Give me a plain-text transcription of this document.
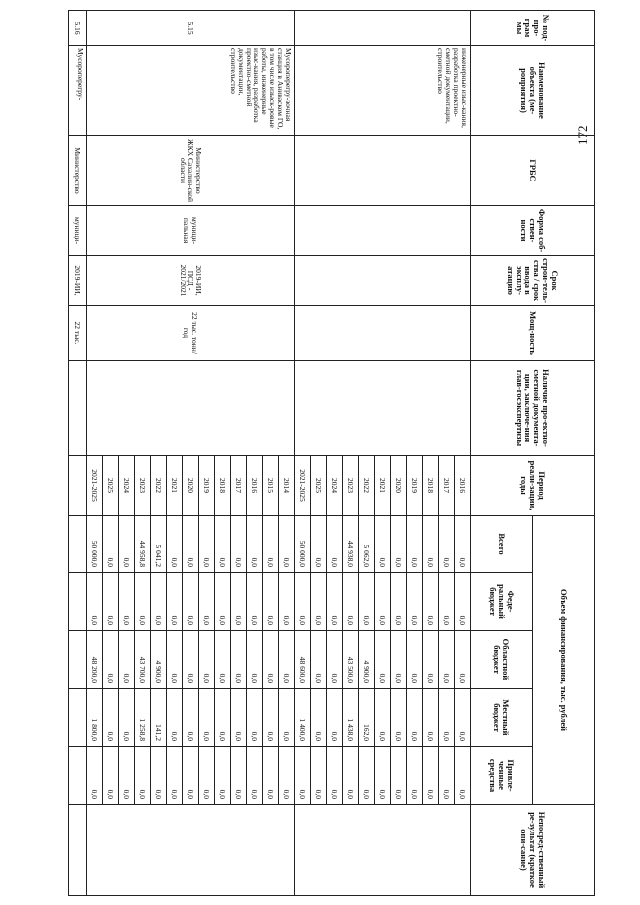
172
№ под-про-грам мы	Наименование объекта (ме-роприятия)	ГРБС	Форма соб-ствен-ности	Срок строи-тель-ства / срок ввода в эксплу-атацию	Мощ-ность	Наличие про-ектно-сметной документа-ции, заключе-ния глав-госэкспертизы	Период реали-зации, годы	Объем финансирования, тыс. рублей					Непосред-ственный ре-зультат (краткое опи-сание)
								Всего	Феде-ральный бюджет	Областной бюджет	Местный бюджет	Привле-ченные средства	
	инженерные изыс-кания, разработка проектно-сметной документации, строительство						2016	0,0	0,0	0,0	0,0	0,0	
							2017	0,0	0,0	0,0	0,0	0,0	
							2018	0,0	0,0	0,0	0,0	0,0	
							2019	0,0	0,0	0,0	0,0	0,0	
							2020	0,0	0,0	0,0	0,0	0,0	
							2021	0,0	0,0	0,0	0,0	0,0	
							2022	5 062,0	0,0	4 900,0	162,0	0,0	
							2023	44 938,0	0,0	43 500,0	1 438,0	0,0	
							2024	0,0	0,0	0,0	0,0	0,0	
							2025	0,0	0,0	0,0	0,0	0,0	
							2021-2025	50 000,0	0,0	48 600,0	1 400,0	0,0	
5.15	Мусороперегру-зочная станция в Аниваском ГО, в том числе изыск-ровые работы, инженерные изыс-кания, разработка проектно-сметной документации, строительство	Министерство ЖКХ Сахалин-ской области	муници-пальная	2019-ИИ, ПСД - 2021/2021	22 тыс. тонн/год		2014	0,0	0,0	0,0	0,0	0,0	
							2015	0,0	0,0	0,0	0,0	0,0	
							2016	0,0	0,0	0,0	0,0	0,0	
							2017	0,0	0,0	0,0	0,0	0,0	
							2018	0,0	0,0	0,0	0,0	0,0	
							2019	0,0	0,0	0,0	0,0	0,0	
							2020	0,0	0,0	0,0	0,0	0,0	
							2021	0,0	0,0	0,0	0,0	0,0	
							2022	5 041,2	0,0	4 900,0	141,2	0,0	
							2023	44 958,8	0,0	43 700,0	1 258,8	0,0	
							2024	0,0	0,0	0,0	0,0	0,0	
							2025	0,0	0,0	0,0	0,0	0,0	
							2021-2025	50 000,0	0,0	48 200,0	1 800,0	0,0	
5.16	Мусороперегру-	Министерство	муници-	2019-ИИ,	22 тыс.								
